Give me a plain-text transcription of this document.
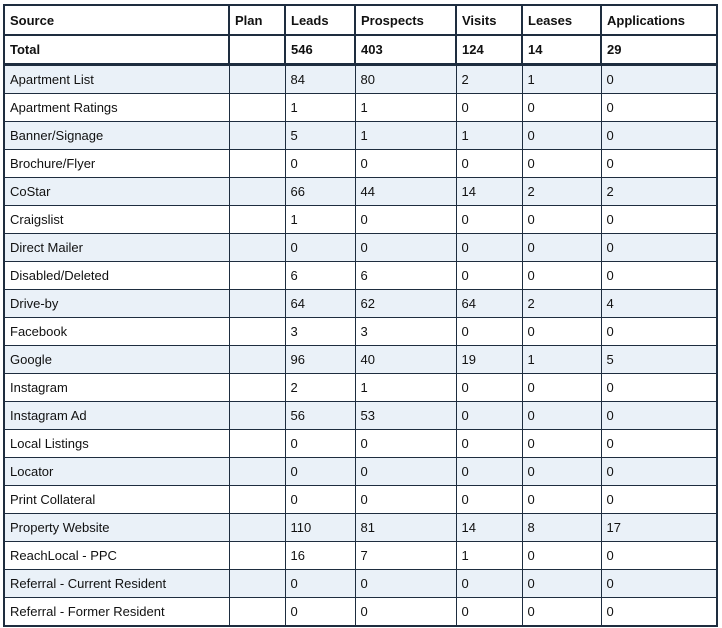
Source	Plan	Leads	Prospects	Visits	Leases	Applications
Total		546	403	124	14	29
Apartment List		84	80	2	1	0
Apartment Ratings		1	1	0	0	0
Banner/Signage		5	1	1	0	0
Brochure/Flyer		0	0	0	0	0
CoStar		66	44	14	2	2
Craigslist		1	0	0	0	0
Direct Mailer		0	0	0	0	0
Disabled/Deleted		6	6	0	0	0
Drive-by		64	62	64	2	4
Facebook		3	3	0	0	0
Google		96	40	19	1	5
Instagram		2	1	0	0	0
Instagram Ad		56	53	0	0	0
Local Listings		0	0	0	0	0
Locator		0	0	0	0	0
Print Collateral		0	0	0	0	0
Property Website		110	81	14	8	17
ReachLocal - PPC		16	7	1	0	0
Referral - Current Resident		0	0	0	0	0
Referral - Former Resident		0	0	0	0	0
